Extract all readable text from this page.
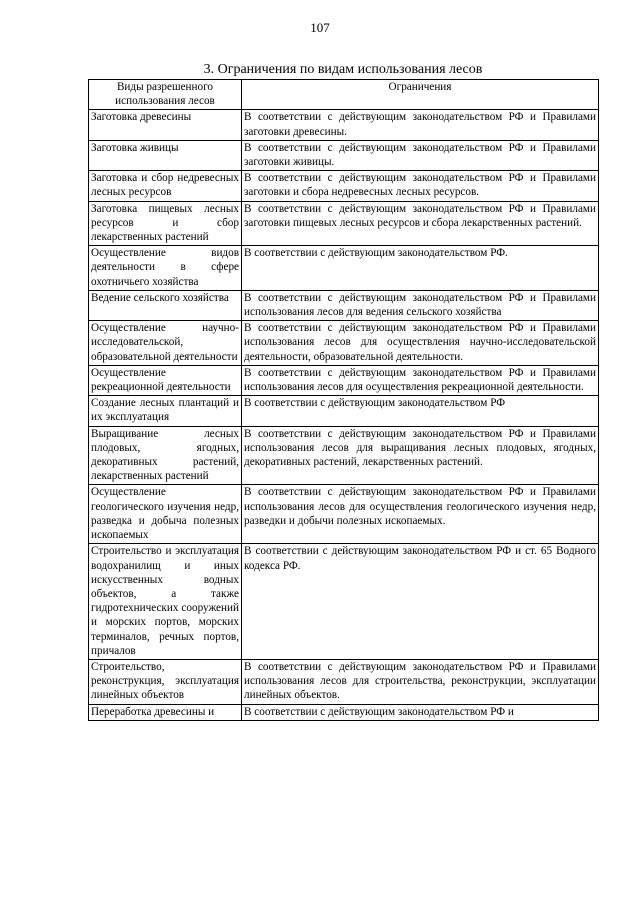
107
3. Ограничения по видам использования лесов
Виды разрешенного использования лесов	Ограничения
Заготовка древесины	В соответствии с действующим законодательством РФ и Правилами заготовки древесины.
Заготовка живицы	В соответствии с действующим законодательством РФ и Правилами заготовки живицы.
Заготовка и сбор недревесных лесных ресурсов	В соответствии с действующим законодательством РФ и Правилами заготовки и сбора недревесных лесных ресурсов.
Заготовка пищевых лесных ресурсов и сбор лекарственных растений	В соответствии с действующим законодательством РФ и Правилами заготовки пищевых лесных ресурсов и сбора лекарственных растений.
Осуществление видов деятельности в сфере охотничьего хозяйства	В соответствии с действующим законодательством РФ.
Ведение сельского хозяйства	В соответствии с действующим законодательством РФ и Правилами использования лесов для ведения сельского хозяйства
Осуществление научно-исследовательской, образовательной деятельности	В соответствии с действующим законодательством РФ и Правилами использования лесов для осуществления научно-исследовательской деятельности, образовательной деятельности.
Осуществление рекреационной деятельности	В соответствии с действующим законодательством РФ и Правилами использования лесов для осуществления рекреационной деятельности.
Создание лесных плантаций и их эксплуатация	В соответствии с действующим законодательством РФ
Выращивание лесных плодовых, ягодных, декоративных растений, лекарственных растений	В соответствии с действующим законодательством РФ и Правилами использования лесов для выращивания лесных плодовых, ягодных, декоративных растений, лекарственных растений.
Осуществление геологического изучения недр, разведка и добыча полезных ископаемых	В соответствии с действующим законодательством РФ и Правилами использования лесов для осуществления геологического изучения недр, разведки и добычи полезных ископаемых.
Строительство и эксплуатация водохранилищ и иных искусственных водных объектов, а также гидротехнических сооружений и морских портов, морских терминалов, речных портов, причалов	В соответствии с действующим законодательством РФ и ст. 65 Водного кодекса РФ.
Строительство, реконструкция, эксплуатация линейных объектов	В соответствии с действующим законодательством РФ и Правилами использования лесов для строительства, реконструкции, эксплуатации линейных объектов.
Переработка древесины и	В соответствии с действующим законодательством РФ и
